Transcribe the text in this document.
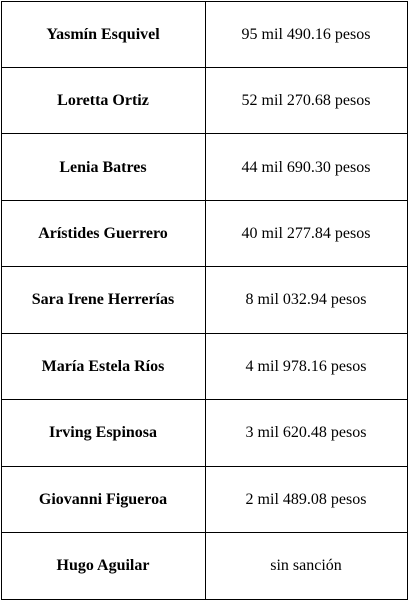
Yasmín Esquivel	95 mil 490.16 pesos
Loretta Ortiz	52 mil 270.68 pesos
Lenia Batres	44 mil 690.30 pesos
Arístides Guerrero	40 mil 277.84 pesos
Sara Irene Herrerías	8 mil 032.94 pesos
María Estela Ríos	4 mil 978.16 pesos
Irving Espinosa	3 mil 620.48 pesos
Giovanni Figueroa	2 mil 489.08 pesos
Hugo Aguilar	sin sanción
